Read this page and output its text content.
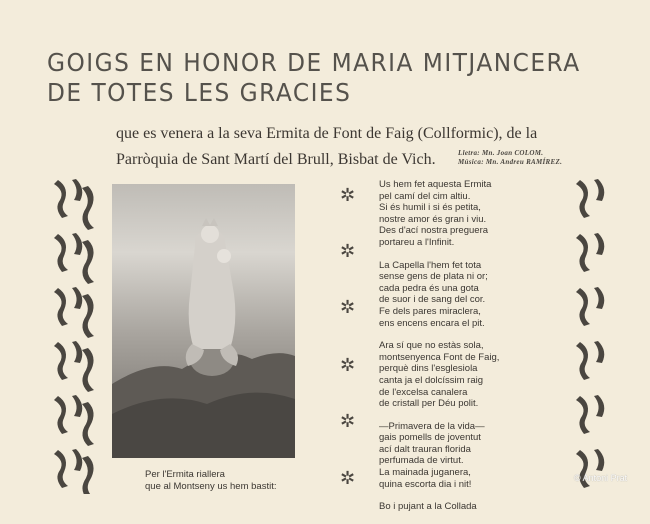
GOIGS EN HONOR DE MARIA MITJANCERA
DE TOTES LES GRACIES

que es venera a la seva Ermita de Font de Faig (Collformic), de la
Parròquia de Sant Martí del Brull, Bisbat de Vich.	Lletra: Mn. Joan COLOM.
Música: Mn. Andreu RAMÍREZ.
Per l'Ermita riallera
que al Montseny us hem bastit:
✲
✲
✲
✲
✲
✲
Us hem fet aquesta Ermita
pel camí del cim altiu.
Si és humil i si és petita,
nostre amor és gran i viu.
Des d'ací nostra preguera
portareu a l'Infinit.
La Capella l'hem fet tota
sense gens de plata ni or;
cada pedra és una gota
de suor i de sang del cor.
Fe dels pares miraclera,
ens encens encara el pit.
Ara sí que no estàs sola,
montsenyenca Font de Faig,
perquè dins l'esglesiola
canta ja el dolcíssim raig
de l'excelsa canalera
de cristall per Déu polit.
—Primavera de la vida—
gais pomells de joventut
ací dalt trauran florida
perfumada de virtut.
La mainada juganera,
quina escorta dia i nit!
Bo i pujant a la Collada
© Antoni Prat
